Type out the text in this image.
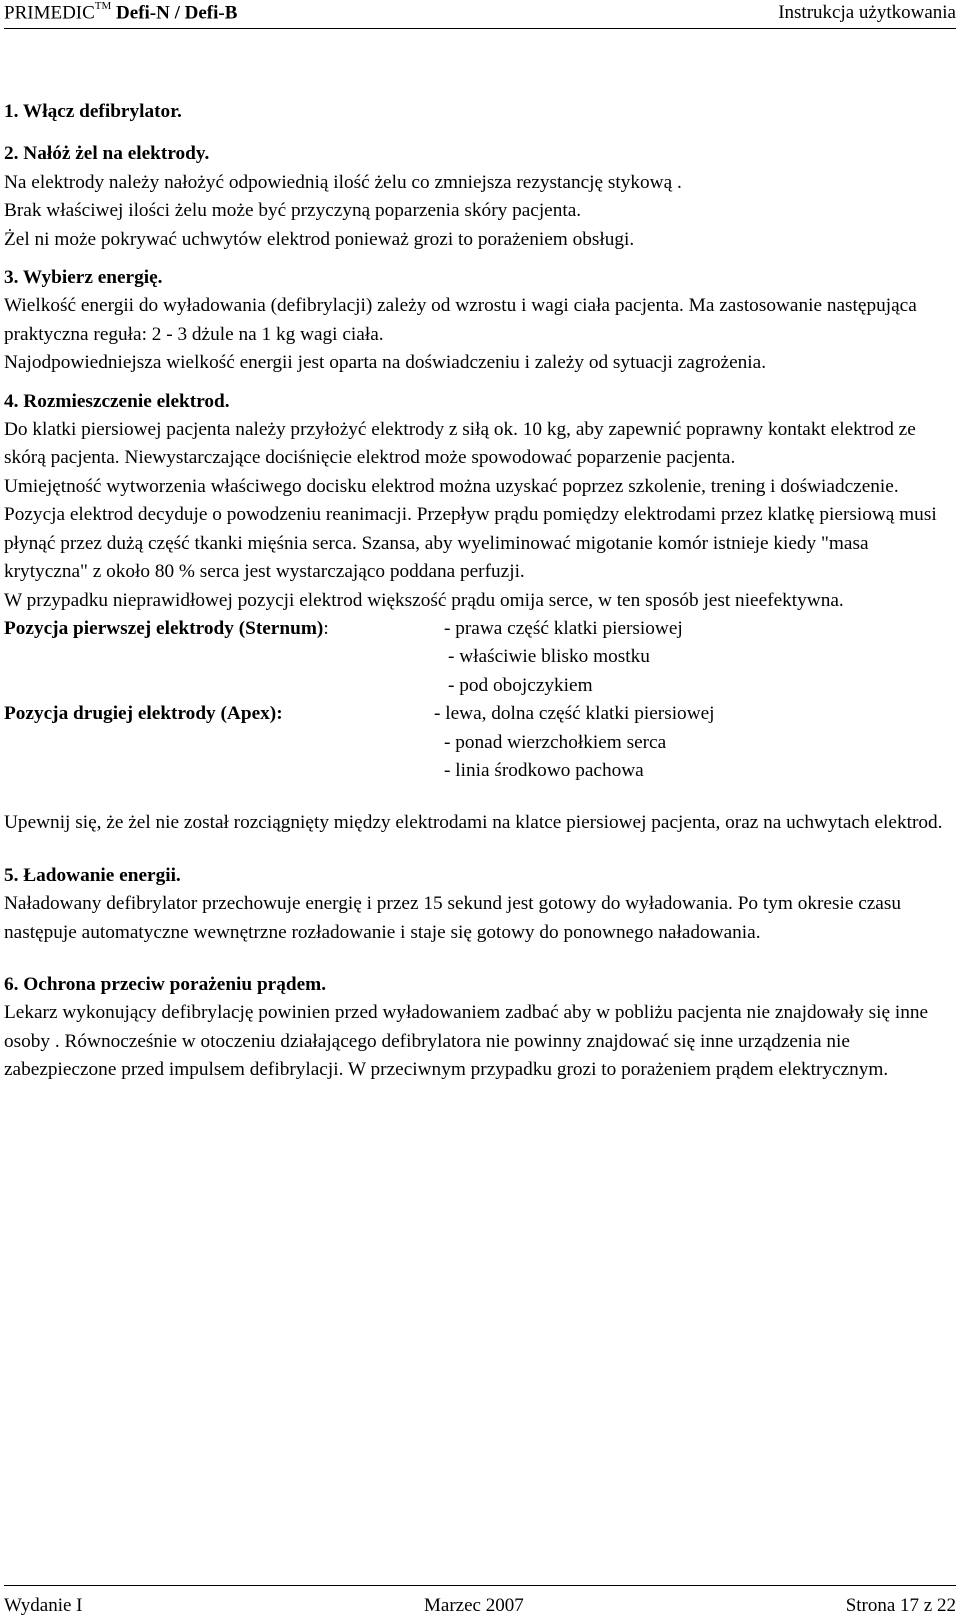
PRIMEDIC™ Defi-N / Defi-B	Instrukcja użytkowania
1. Włącz defibrylator.
2. Nałóż żel na elektrody.

Na elektrody należy nałożyć odpowiednią ilość żelu co zmniejsza rezystancję stykową .

Brak właściwej ilości żelu może być przyczyną poparzenia skóry pacjenta.

Żel ni może pokrywać uchwytów elektrod ponieważ grozi to porażeniem obsługi.

3. Wybierz energię.

Wielkość energii do wyładowania (defibrylacji) zależy od wzrostu i wagi ciała pacjenta. Ma zastosowanie następująca praktyczna reguła: 2 - 3 dżule na 1 kg wagi ciała.

Najodpowiedniejsza wielkość energii jest oparta na doświadczeniu i zależy od sytuacji zagrożenia.

4. Rozmieszczenie elektrod.

Do klatki piersiowej pacjenta należy przyłożyć elektrody z siłą ok. 10 kg, aby zapewnić poprawny kontakt elektrod ze skórą pacjenta. Niewystarczające dociśnięcie elektrod może spowodować poparzenie pacjenta.

Umiejętność wytworzenia właściwego docisku elektrod można uzyskać poprzez szkolenie, trening i doświadczenie.

Pozycja elektrod decyduje o powodzeniu reanimacji. Przepływ prądu pomiędzy elektrodami przez klatkę piersiową musi płynąć przez dużą część tkanki mięśnia serca. Szansa, aby wyeliminować migotanie komór istnieje kiedy "masa krytyczna" z około 80 % serca jest wystarczająco poddana perfuzji.

W przypadku nieprawidłowej pozycji elektrod większość prądu omija serce, w ten sposób jest nieefektywna.

Pozycja pierwszej elektrody (Sternum):	- prawa część klatki piersiowej
- właściwie blisko mostku
- pod obojczykiem
Pozycja drugiej elektrody (Apex):	- lewa, dolna część klatki piersiowej
- ponad wierzchołkiem serca
- linia środkowo pachowa

Upewnij się, że żel nie został rozciągnięty między elektrodami na klatce piersiowej pacjenta, oraz na uchwytach elektrod.

5. Ładowanie energii.

Naładowany defibrylator przechowuje energię i przez 15 sekund jest gotowy do wyładowania. Po tym okresie czasu następuje automatyczne wewnętrzne rozładowanie i staje się gotowy do ponownego naładowania.

6. Ochrona przeciw porażeniu prądem.

Lekarz wykonujący defibrylację powinien przed wyładowaniem zadbać aby w pobliżu pacjenta nie znajdowały się inne osoby . Równocześnie w otoczeniu działającego defibrylatora nie powinny znajdować się inne urządzenia nie zabezpieczone przed impulsem defibrylacji. W przeciwnym przypadku grozi to porażeniem prądem elektrycznym.

Wydanie I	Marzec 2007	Strona 17 z 22
